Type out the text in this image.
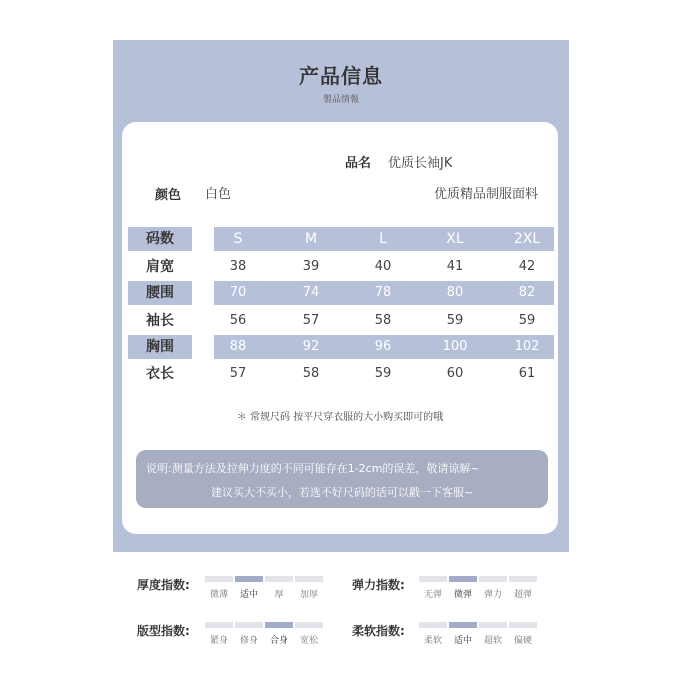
产品信息
製品情報
品名 优质长袖JK
颜色 白色	优质精品制服面料
码数	S	M	L	XL	2XL
肩宽	38	39	40	41	42
腰围	70	74	78	80	82
袖长	56	57	58	59	59
胸围	88	92	96	100	102
衣长	57	58	59	60	61
＊ 常规尺码 按平尺穿衣服的大小购买即可的哦
说明:测量方法及拉伸力度的不同可能存在1-2cm的误差，敬请谅解~
建议买大不买小，若选不好尺码的话可以戳一下客服~
厚度指数:
微薄	适中	厚	加厚
弹力指数:
无弹	微弹	弹力	超弹
版型指数:
紧身	修身	合身	宽松
柔软指数:
柔软	适中	超软	偏硬
